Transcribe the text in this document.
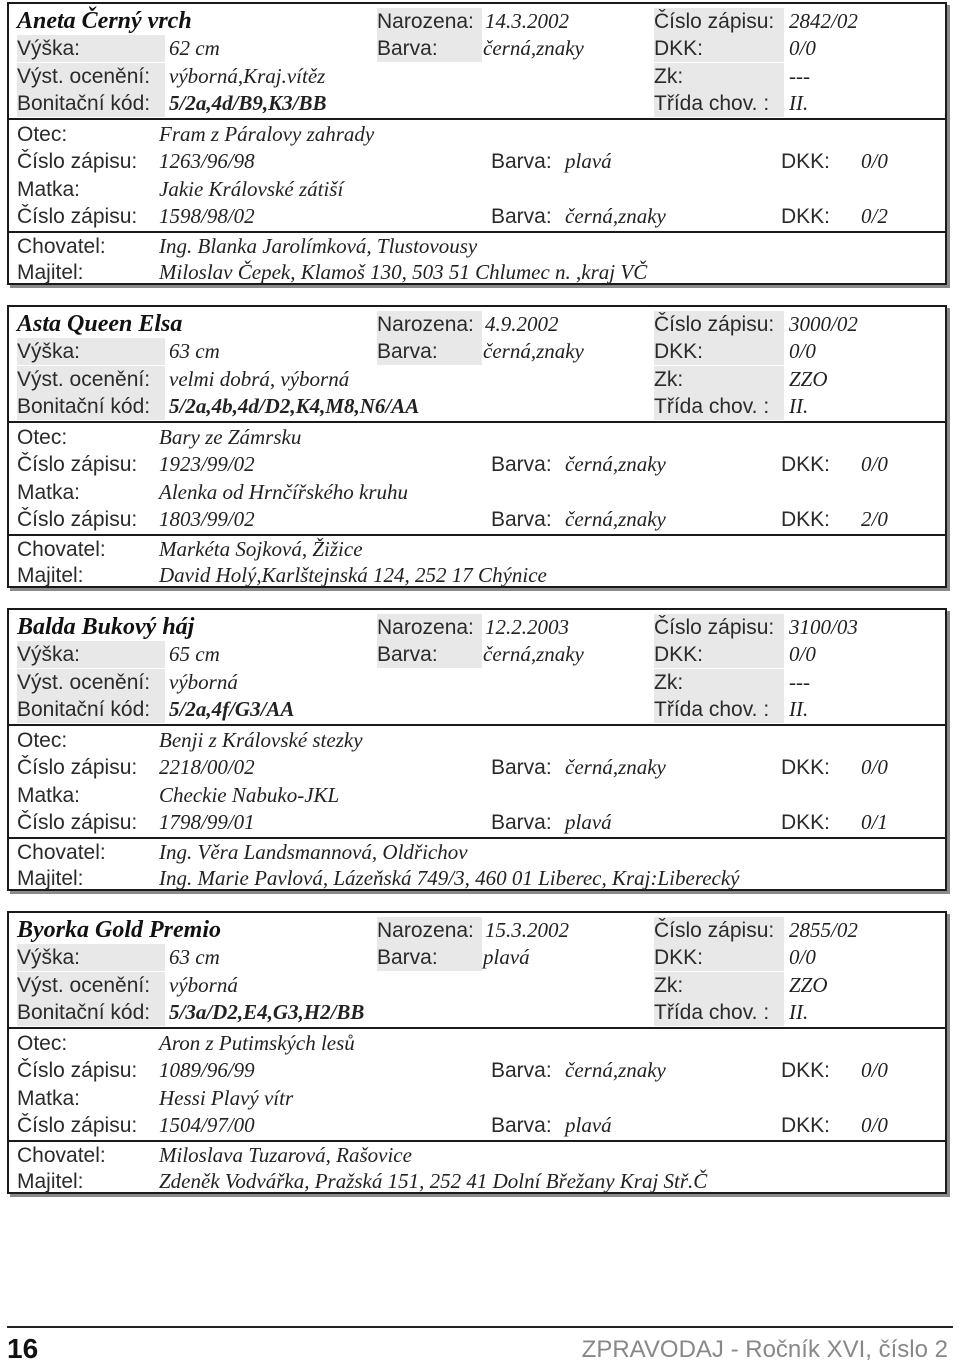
Aneta Černý vrch	Narozena: 14.3.2002	Číslo zápisu: 2842/02
Výška:	62 cm	Barva:	černá,znaky	DKK:	0/0
Výst. ocenění: výborná,Kraj.vítěz	Zk:	---
Bonitační kód: 5/2a,4d/B9,K3/BB	Třída chov. : II.
Otec:	Fram z Páralovy zahrady
Číslo zápisu: 1263/96/98	Barva: plavá	DKK: 0/0
Matka:	Jakie Královské zátiší
Číslo zápisu: 1598/98/02	Barva: černá,znaky	DKK: 0/2
Chovatel:	Ing. Blanka Jarolímková, Tlustovousy
Majitel:	Miloslav Čepek, Klamoš 130, 503 51 Chlumec n. ,kraj VČ
Asta Queen Elsa	Narozena: 4.9.2002	Číslo zápisu: 3000/02
Výška:	63 cm	Barva:	černá,znaky	DKK:	0/0
Výst. ocenění: velmi dobrá, výborná	Zk:	ZZO
Bonitační kód: 5/2a,4b,4d/D2,K4,M8,N6/AA	Třída chov. : II.
Otec:	Bary ze Zámrsku
Číslo zápisu: 1923/99/02	Barva: černá,znaky	DKK: 0/0
Matka:	Alenka od Hrnčířského kruhu
Číslo zápisu: 1803/99/02	Barva: černá,znaky	DKK: 2/0
Chovatel:	Markéta Sojková, Žižice
Majitel:	David Holý,Karlštejnská 124, 252 17 Chýnice
Balda Bukový háj	Narozena: 12.2.2003	Číslo zápisu: 3100/03
Výška:	65 cm	Barva:	černá,znaky	DKK:	0/0
Výst. ocenění: výborná	Zk:	---
Bonitační kód: 5/2a,4f/G3/AA	Třída chov. : II.
Otec:	Benji z Královské stezky
Číslo zápisu: 2218/00/02	Barva: černá,znaky	DKK: 0/0
Matka:	Checkie Nabuko-JKL
Číslo zápisu: 1798/99/01	Barva: plavá	DKK: 0/1
Chovatel:	Ing. Věra Landsmannová, Oldřichov
Majitel:	Ing. Marie Pavlová, Lázeňská 749/3, 460 01 Liberec, Kraj:Liberecký
Byorka Gold Premio	Narozena: 15.3.2002	Číslo zápisu: 2855/02
Výška:	63 cm	Barva:	plavá	DKK:	0/0
Výst. ocenění: výborná	Zk:	ZZO
Bonitační kód: 5/3a/D2,E4,G3,H2/BB	Třída chov. : II.
Otec:	Aron z Putimských lesů
Číslo zápisu: 1089/96/99	Barva: černá,znaky	DKK: 0/0
Matka:	Hessi Plavý vítr
Číslo zápisu: 1504/97/00	Barva: plavá	DKK: 0/0
Chovatel:	Miloslava Tuzarová, Rašovice
Majitel:	Zdeněk Vodvářka, Pražská 151, 252 41 Dolní Břežany Kraj Stř.Č
16	ZPRAVODAJ - Ročník XVI, číslo 2
